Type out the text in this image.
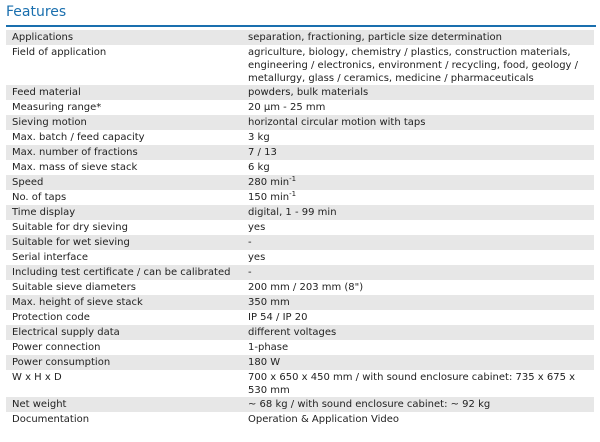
Features
Applications	separation, fractioning, particle size determination
Field of application	agriculture, biology, chemistry / plastics, construction materials, engineering / electronics, environment / recycling, food, geology / metallurgy, glass / ceramics, medicine / pharmaceuticals
Feed material	powders, bulk materials
Measuring range*	20 µm - 25 mm
Sieving motion	horizontal circular motion with taps
Max. batch / feed capacity	3 kg
Max. number of fractions	7 / 13
Max. mass of sieve stack	6 kg
Speed	280 $\min^{-1}$
No. of taps	150 $\min^{-1}$
Time display	digital, 1 - 99 min
Suitable for dry sieving	yes
Suitable for wet sieving	-
Serial interface	yes
Including test certificate / can be calibrated	-
Suitable sieve diameters	200 mm / 203 mm (8")
Max. height of sieve stack	350 mm
Protection code	IP 54 / IP 20
Electrical supply data	different voltages
Power connection	1-phase
Power consumption	180 W
W x H x D	700 x 650 x 450 mm / with sound enclosure cabinet: 735 x 675 x 530 mm
Net weight	~ 68 kg / with sound enclosure cabinet: ~ 92 kg
Documentation	Operation & Application Video
